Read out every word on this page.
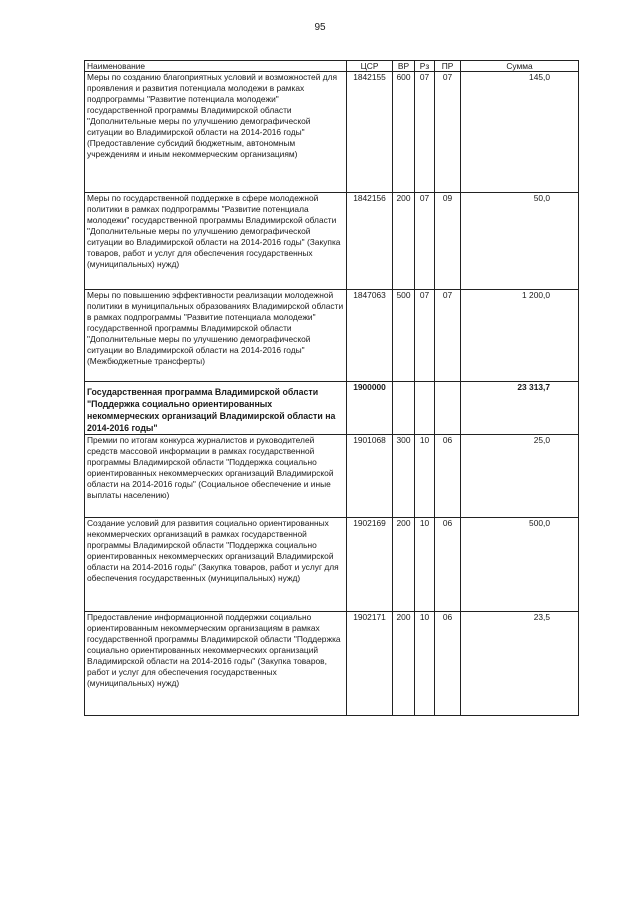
95
Наименование	ЦСР	ВР	Рз	ПР	Сумма
Меры по созданию благоприятных условий и возможностей для проявления и развития потенциала молодежи в рамках подпрограммы "Развитие потенциала молодежи" государственной программы Владимирской области "Дополнительные меры по улучшению демографической ситуации во Владимирской области на 2014-2016 годы" (Предоставление субсидий бюджетным, автономным учреждениям и иным некоммерческим организациям)	1842155	600	07	07	145,0
Меры по государственной поддержке в сфере молодежной политики в рамках подпрограммы "Развитие потенциала молодежи" государственной программы Владимирской области "Дополнительные меры по улучшению демографической ситуации во Владимирской области на 2014-2016 годы" (Закупка товаров, работ и услуг для обеспечения государственных (муниципальных) нужд)	1842156	200	07	09	50,0
Меры по повышению эффективности реализации молодежной политики в муниципальных образованиях Владимирской области в рамках подпрограммы "Развитие потенциала молодежи" государственной программы Владимирской области "Дополнительные меры по улучшению демографической ситуации во Владимирской области на 2014-2016 годы" (Межбюджетные трансферты)	1847063	500	07	07	1 200,0
Государственная программа Владимирской области "Поддержка социально ориентированных некоммерческих организаций Владимирской области на 2014-2016 годы"	1900000				23 313,7
Премии по итогам конкурса журналистов и руководителей средств массовой информации в рамках государственной программы Владимирской области "Поддержка социально ориентированных некоммерческих организаций Владимирской области на 2014-2016 годы" (Социальное обеспечение и иные выплаты населению)	1901068	300	10	06	25,0
Создание условий для развития социально ориентированных некоммерческих организаций в рамках государственной программы Владимирской области "Поддержка социально ориентированных некоммерческих организаций Владимирской области на 2014-2016 годы" (Закупка товаров, работ и услуг для обеспечения государственных (муниципальных) нужд)	1902169	200	10	06	500,0
Предоставление информационной поддержки социально ориентированным некоммерческим организациям в рамках государственной программы Владимирской области "Поддержка социально ориентированных некоммерческих организаций Владимирской области на 2014-2016 годы" (Закупка товаров, работ и услуг для обеспечения государственных (муниципальных) нужд)	1902171	200	10	06	23,5
